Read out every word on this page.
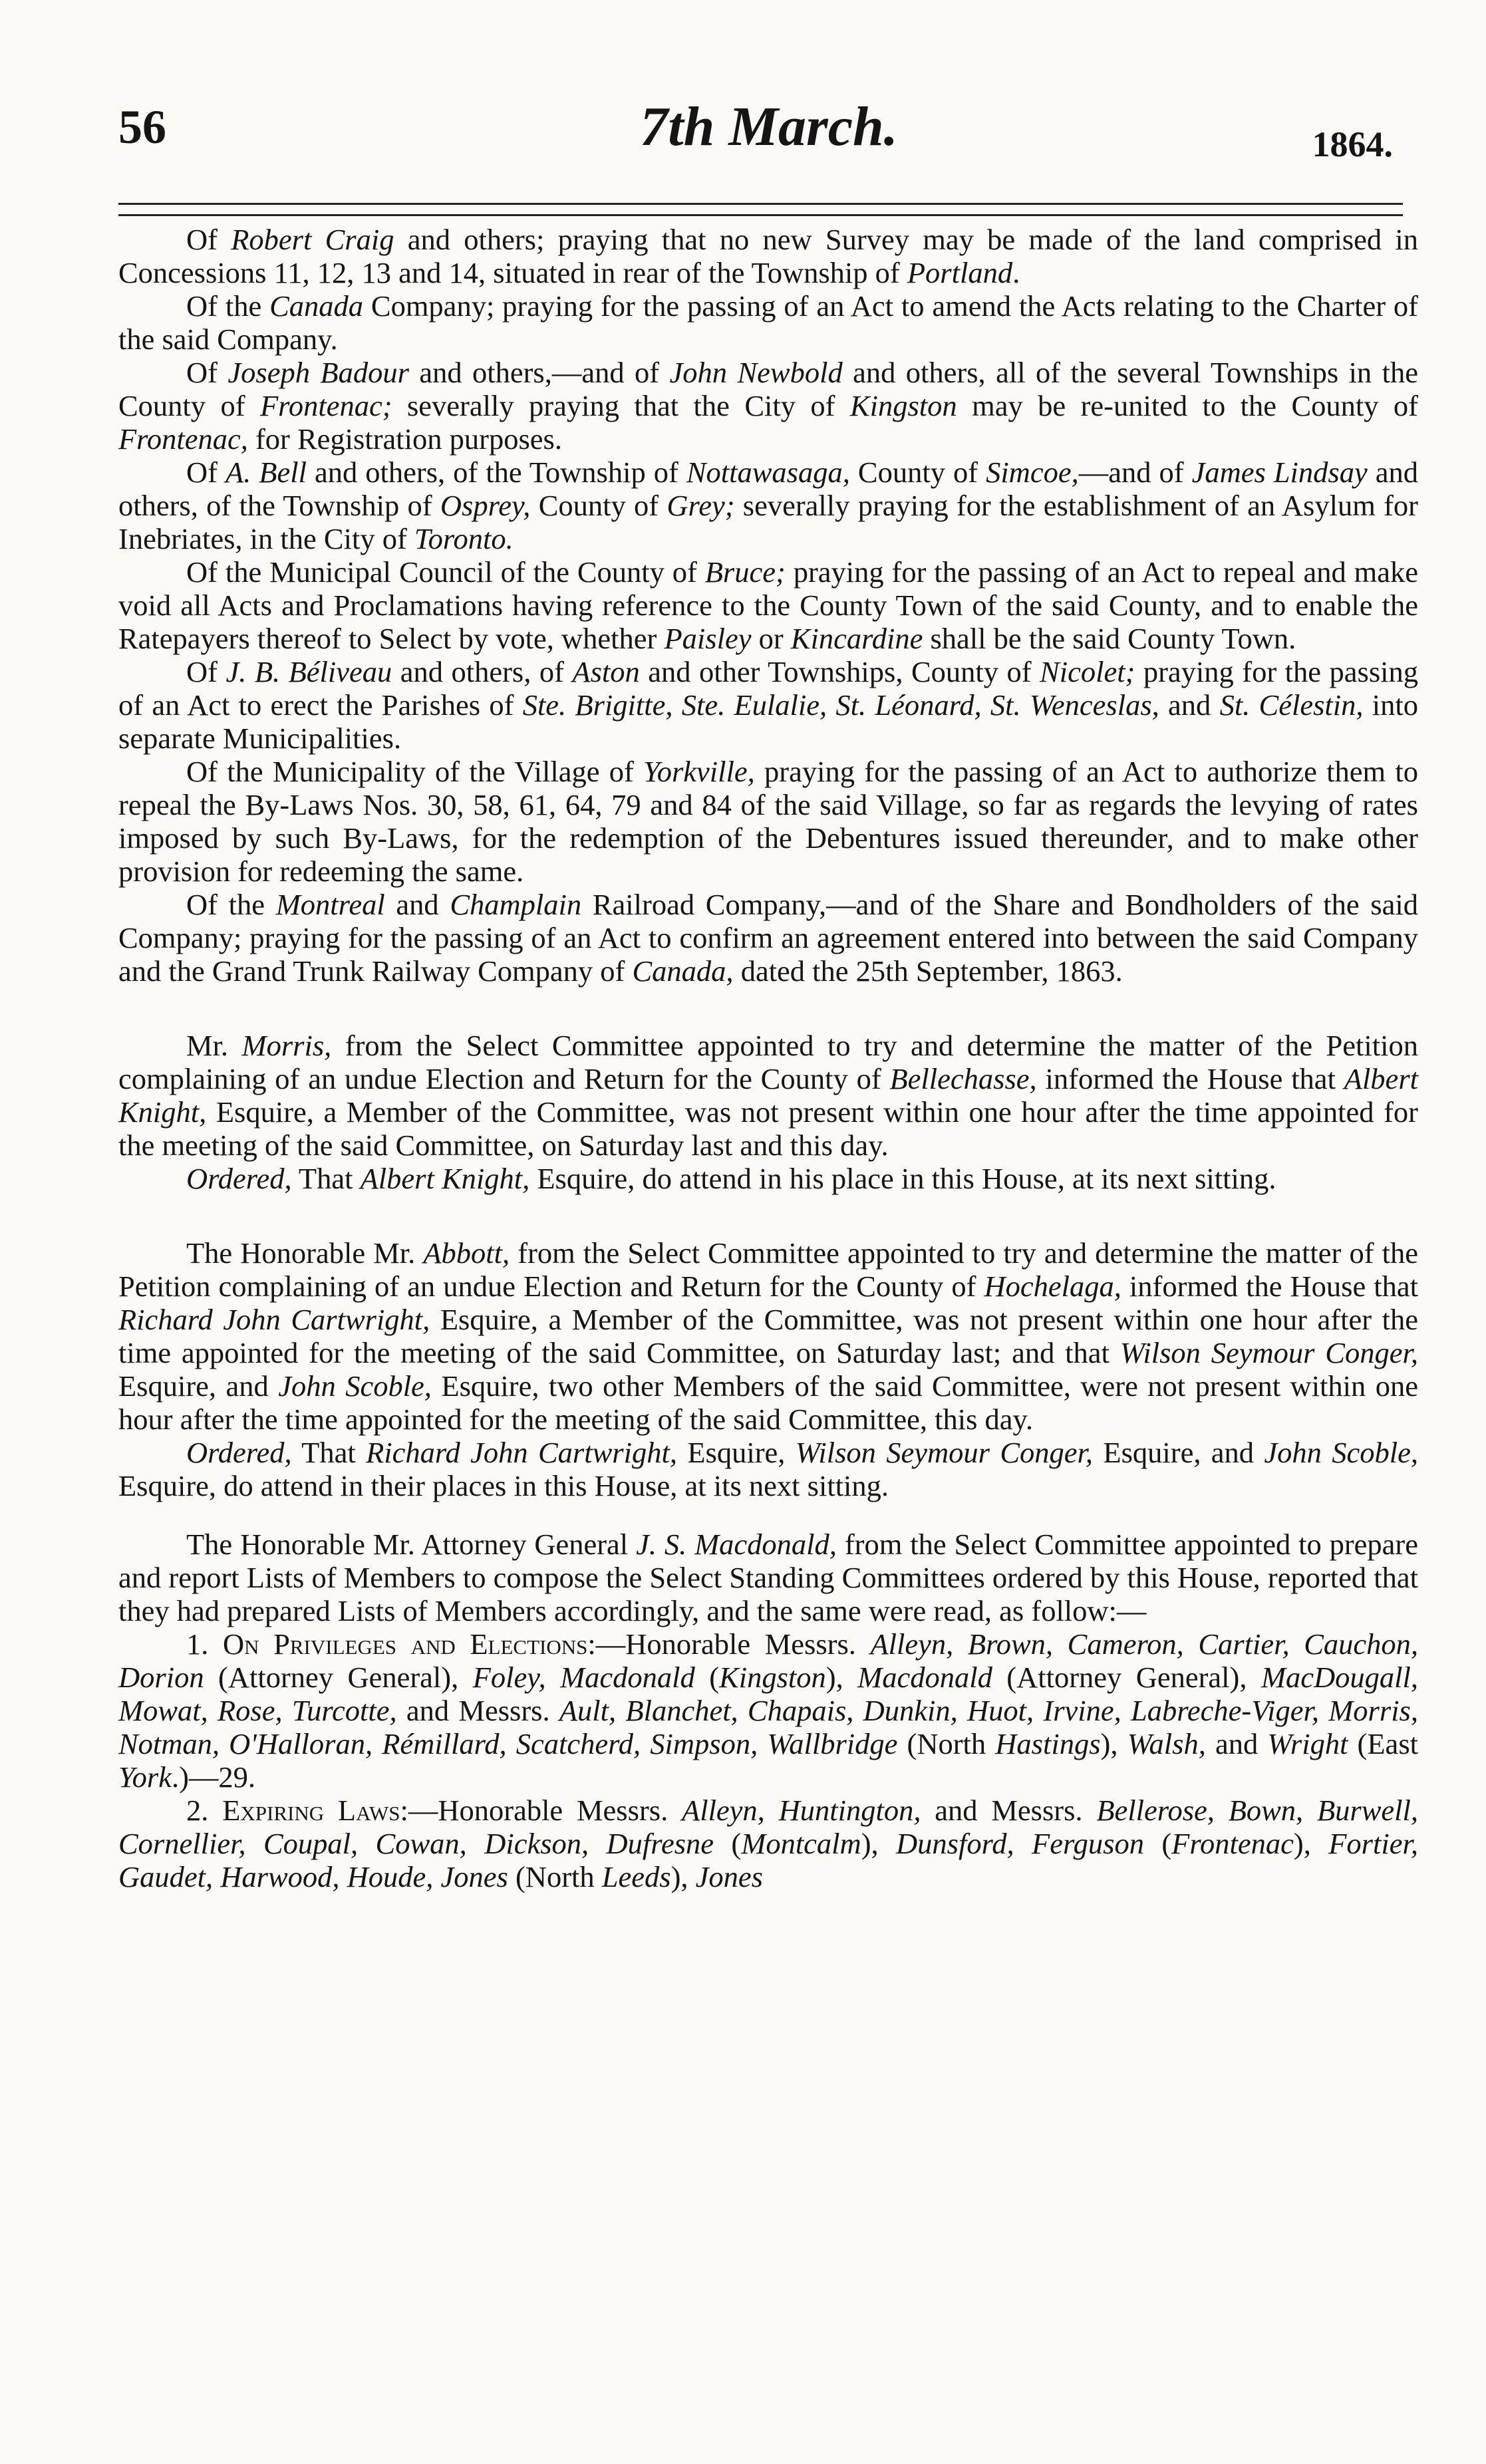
56	7th March.	1864.

Of Robert Craig and others; praying that no new Survey may be made of the land comprised in Concessions 11, 12, 13 and 14, situated in rear of the Township of Portland.

Of the Canada Company; praying for the passing of an Act to amend the Acts relating to the Charter of the said Company.

Of Joseph Badour and others,—and of John Newbold and others, all of the several Townships in the County of Frontenac; severally praying that the City of Kingston may be re-united to the County of Frontenac, for Registration purposes.

Of A. Bell and others, of the Township of Nottawasaga, County of Simcoe,—and of James Lindsay and others, of the Township of Osprey, County of Grey; severally praying for the establishment of an Asylum for Inebriates, in the City of Toronto.

Of the Municipal Council of the County of Bruce; praying for the passing of an Act to repeal and make void all Acts and Proclamations having reference to the County Town of the said County, and to enable the Ratepayers thereof to Select by vote, whether Paisley or Kincardine shall be the said County Town.

Of J. B. Béliveau and others, of Aston and other Townships, County of Nicolet; praying for the passing of an Act to erect the Parishes of Ste. Brigitte, Ste. Eulalie, St. Léonard, St. Wenceslas, and St. Célestin, into separate Municipalities.

Of the Municipality of the Village of Yorkville, praying for the passing of an Act to authorize them to repeal the By-Laws Nos. 30, 58, 61, 64, 79 and 84 of the said Village, so far as regards the levying of rates imposed by such By-Laws, for the redemption of the Debentures issued thereunder, and to make other provision for redeeming the same.

Of the Montreal and Champlain Railroad Company,—and of the Share and Bondholders of the said Company; praying for the passing of an Act to confirm an agreement entered into between the said Company and the Grand Trunk Railway Company of Canada, dated the 25th September, 1863.

Mr. Morris, from the Select Committee appointed to try and determine the matter of the Petition complaining of an undue Election and Return for the County of Bellechasse, informed the House that Albert Knight, Esquire, a Member of the Committee, was not present within one hour after the time appointed for the meeting of the said Committee, on Saturday last and this day.

Ordered, That Albert Knight, Esquire, do attend in his place in this House, at its next sitting.

The Honorable Mr. Abbott, from the Select Committee appointed to try and determine the matter of the Petition complaining of an undue Election and Return for the County of Hochelaga, informed the House that Richard John Cartwright, Esquire, a Member of the Committee, was not present within one hour after the time appointed for the meeting of the said Committee, on Saturday last; and that Wilson Seymour Conger, Esquire, and John Scoble, Esquire, two other Members of the said Committee, were not present within one hour after the time appointed for the meeting of the said Committee, this day.

Ordered, That Richard John Cartwright, Esquire, Wilson Seymour Conger, Esquire, and John Scoble, Esquire, do attend in their places in this House, at its next sitting.

The Honorable Mr. Attorney General J. S. Macdonald, from the Select Committee appointed to prepare and report Lists of Members to compose the Select Standing Committees ordered by this House, reported that they had prepared Lists of Members accordingly, and the same were read, as follow:—

1. On Privileges and Elections:—Honorable Messrs. Alleyn, Brown, Cameron, Cartier, Cauchon, Dorion (Attorney General), Foley, Macdonald (Kingston), Macdonald (Attorney General), MacDougall, Mowat, Rose, Turcotte, and Messrs. Ault, Blanchet, Chapais, Dunkin, Huot, Irvine, Labreche-Viger, Morris, Notman, O'Halloran, Rémillard, Scatcherd, Simpson, Wallbridge (North Hastings), Walsh, and Wright (East York.)—29.

2. Expiring Laws:—Honorable Messrs. Alleyn, Huntington, and Messrs. Bellerose, Bown, Burwell, Cornellier, Coupal, Cowan, Dickson, Dufresne (Montcalm), Dunsford, Ferguson (Frontenac), Fortier, Gaudet, Harwood, Houde, Jones (North Leeds), Jones
